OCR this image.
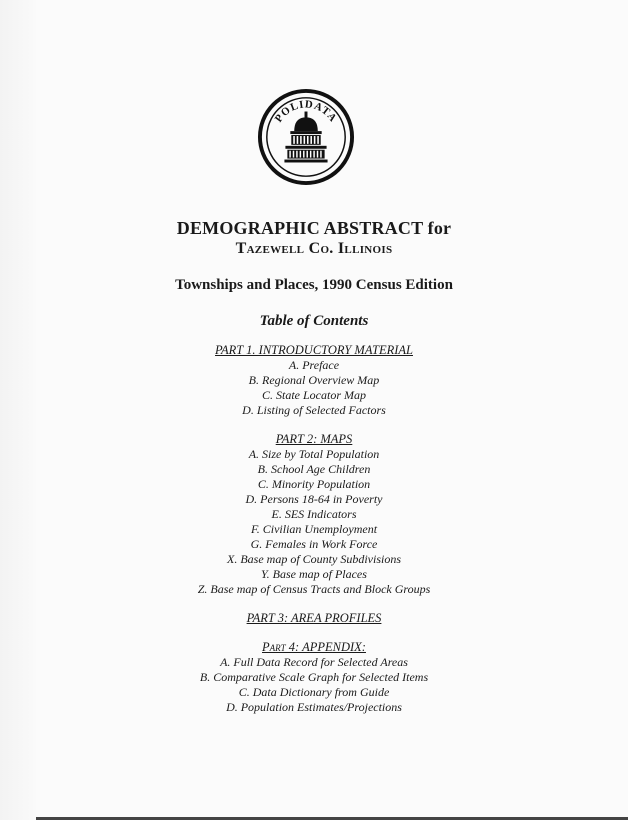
POLIDATA
DEMOGRAPHIC ABSTRACT for
Tazewell Co. Illinois
Townships and Places, 1990 Census Edition
Table of Contents
PART 1. INTRODUCTORY MATERIAL
A. Preface
B. Regional Overview Map
C. State Locator Map
D. Listing of Selected Factors
PART 2: MAPS
A. Size by Total Population
B. School Age Children
C. Minority Population
D. Persons 18-64 in Poverty
E. SES Indicators
F. Civilian Unemployment
G. Females in Work Force
X. Base map of County Subdivisions
Y. Base map of Places
Z. Base map of Census Tracts and Block Groups
PART 3: AREA PROFILES
Part 4: APPENDIX:
A. Full Data Record for Selected Areas
B. Comparative Scale Graph for Selected Items
C. Data Dictionary from Guide
D. Population Estimates/Projections
